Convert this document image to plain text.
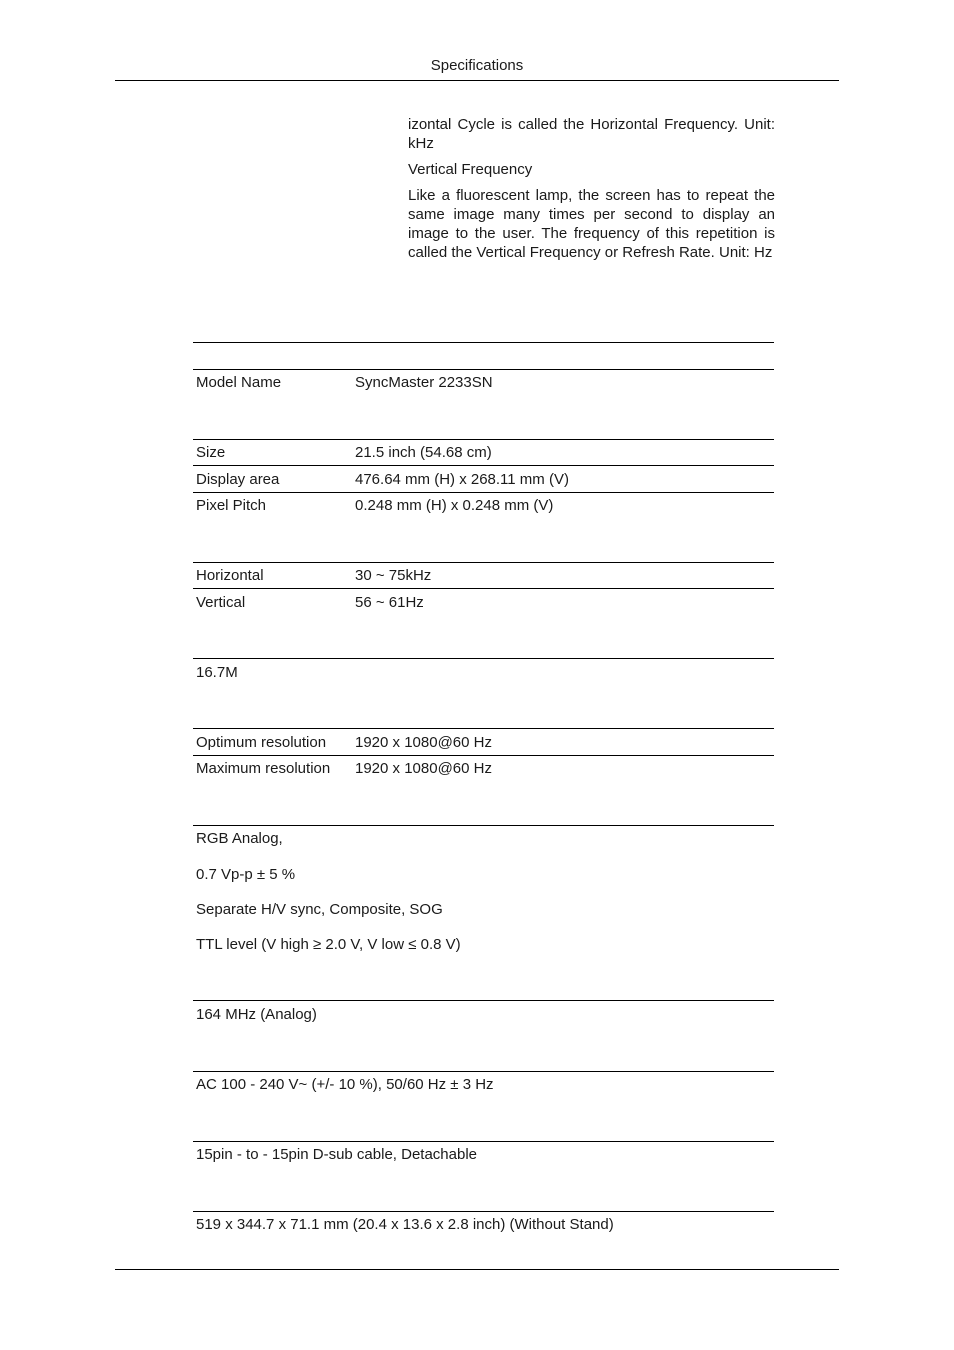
Specifications
izontal Cycle is called the Horizontal Frequency. Unit: kHz
Vertical Frequency
Like a fluorescent lamp, the screen has to repeat the same image many times per second to display an image to the user. The frequency of this repetition is called the Vertical Frequency or Refresh Rate. Unit: Hz
Model Name	SyncMaster 2233SN
Size	21.5 inch (54.68 cm)
Display area	476.64 mm (H) x 268.11 mm (V)
Pixel Pitch	0.248 mm (H) x 0.248 mm (V)
Horizontal	30 ~ 75kHz
Vertical	56 ~ 61Hz
16.7M
Optimum resolution 1920 x 1080@60 Hz
Maximum resolution 1920 x 1080@60 Hz
RGB Analog,
0.7 Vp-p ± 5 %
Separate H/V sync, Composite, SOG
TTL level (V high ≥ 2.0 V, V low ≤ 0.8 V)
164 MHz (Analog)
AC 100 - 240 V~ (+/- 10 %), 50/60 Hz ± 3 Hz
15pin - to - 15pin D-sub cable, Detachable
519 x 344.7 x 71.1 mm (20.4 x 13.6 x 2.8 inch) (Without Stand)
